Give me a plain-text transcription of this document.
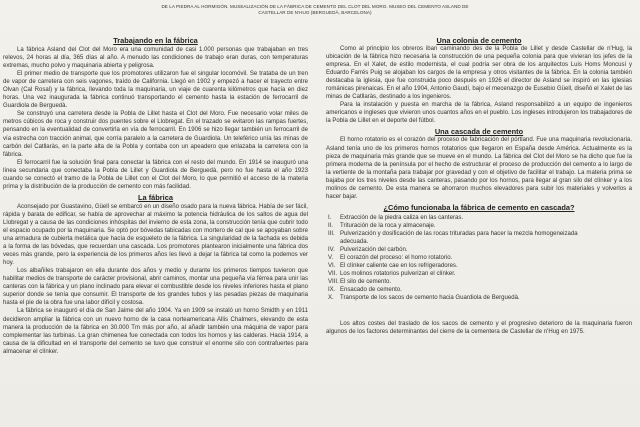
DE LA PIEDRA AL HORMIGÓN. MUSEALIZACIÓN DE LA FÁBRICA DE CEMENTO DEL CLOT DEL MORO. MUSEO DEL CEMENTO ASLAND DE
CASTELLAR DE N'HUG (BERGUEDÀ, BARCELONA)
Trabajando en la fábrica

La fábrica Asland del Clot del Moro era una comunidad de casi 1.000 personas que trabajaban en tres relevos, 24 horas al día, 365 días al año. A menudo las condiciones de trabajo eran duras, con temperaturas extremas, mucho polvo y maquinaria abierta y peligrosa.

El primer medio de transporte que los promotores utilizaron fue el singular locomóvil. Se trataba de un tren de vapor de carretera con seis vagones, traído de California. Llegó en 1902 y empezó a hacer el trayecto entre Olvan (Cal Rosal) y la fábrica, llevando toda la maquinaria, un viaje de cuarenta kilómetros que hacía en diez horas. Una vez inaugurada la fábrica continuó transportando el cemento hasta la estación de ferrocarril de Guardiola de Berguedà.

Se construyó una carretera desde la Pobla de Lillet hasta el Clot del Moro. Fue necesario volar miles de metros cúbicos de roca y construir dos puentes sobre el Llobregat. En el trazado se evitaron las rampas fuertes, pensando en la eventualidad de convertirla en vía de ferrocarril. En 1906 se hizo llegar también un ferrocarril de vía estrecha con tracción animal, que corría paralelo a la carretera de Guardiola. Un teleférico unía las minas de carbón del Catllaràs, en la parte alta de la Pobla y contaba con un apeadero que enlazaba la carretera con la fábrica.

El ferrocarril fue la solución final para conectar la fábrica con el resto del mundo. En 1914 se inauguró una línea secundaria que conectaba la Pobla de Lillet y Guardiola de Berguedà, pero no fue hasta el año 1923 cuando se conectó el tramo de la Pobla de Lillet con el Clot del Moro, lo que permitió el acceso de la materia prima y la distribución de la producción de cemento con más facilidad.

La fábrica

Aconsejado por Guastavino, Güell se embarcó en un diseño osado para la nueva fábrica. Había de ser fácil, rápida y barata de edificar, se había de aprovechar al máximo la potencia hidráulica de los saltos de agua del Llobregat y a causa de las condiciones inhóspitas del invierno de esta zona, la construcción tenía que cubrir todo el espacio ocupado por la maquinaria. Se optó por bóvedas tabicadas con mortero de cal que se apoyaban sobre una armadura de cubierta metálica que hacía de esqueleto de la fábrica. La singularidad de la fachada es debida a la forma de las bóvedas, que recuerdan una cascada. Los promotores plantearon inicialmente una fábrica dos veces más grande, pero la experiencia de los primeros años les llevó a dejar la fábrica tal como la podemos ver hoy.

Los albañiles trabajaron en ella durante dos años y medio y durante los primeros tiempos tuvieron que habilitar medios de transporte de carácter provisional, abrir caminos, montar una pequeña vía férrea para unir las canteras con la fábrica y un plano inclinado para elevar el combustible desde los niveles inferiores hasta el plano superior donde se tenía que consumir. El transporte de los grandes tubos y las pesadas piezas de maquinaria hasta el pie de la obra fue una labor difícil y costosa.

La fábrica se inauguró el día de San Jaime del año 1904. Ya en 1909 se instaló un horno Smidth y en 1911 decidieron ampliar la fábrica con un nuevo horno de la casa norteamericana Allis Chalmers, elevando de esta manera la producción de la fábrica en 30.000 Tm más por año, al añadir también una máquina de vapor para complementar las turbinas. La gran chimenea fue conectada con todos los hornos y las calderas. Hacia 1914, a causa de la dificultad en el transporte del cemento se tuvo que construir el enorme silo con contrafuertes para almacenar el clínker.

Una colonia de cemento

Como al principio los obreros iban caminando des de la Pobla de Lillet y desde Castellar de n'Hug, la ubicación de la fábrica hizo necesaria la construcción de una pequeña colonia para que vivieran los jefes de la empresa. En el Xalet, de estilo modernista, el cual podría ser obra de los arquitectos Luis Homs Moncusí y Eduardo Farrés Puig se alojaban los cargos de la empresa y otros visitantes de la fábrica. En la colonia también destacaba la iglesia, que fue construida poco después en 1926 el director de Asland se inspiró en las iglesias románicas pirenaicas. En el año 1904, Antonio Gaudí, bajo el mecenazgo de Eusebio Güell, diseñó el Xalet de las minas de Catllaràs, destinado a los ingenieros.

Para la instalación y puesta en marcha de la fábrica, Asland responsabilizó a un equipo de ingenieros americanos e ingleses que vivieron unos cuantos años en el pueblo. Los ingleses introdujeron los trabajadores de la Pobla de Lillet en el deporte del fútbol.

Una cascada de cemento

El horno rotatorio es el corazón del proceso de fabricación del pórtland. Fue una maquinaria revolucionaria. Asland tenía uno de los primeros hornos rotatorios que llegaron en España desde América. Actualmente es la pieza de maquinaria más grande que se mueve en el mundo. La fábrica del Clot del Moro se ha dicho que fue la primera moderna de la península por el hecho de estructurar el proceso de producción del cemento a lo largo de la vertiente de la montaña para trabajar por gravedad y con el objetivo de facilitar el trabajo. La materia prima se bajaba por los tres niveles desde las canteras, pasando por los hornos, para llegar al gran silo del clínker y a los molinos de cemento. De esta manera se ahorraron muchos elevadores para subir los materiales y volverlos a hacer bajar.

¿Cómo funcionaba la fábrica de cemento en cascada?
I.	Extracción de la piedra caliza en las canteras.
II.	Trituración de la roca y almacenaje.
III. Pulverización y dosificación de las rocas trituradas para hacer la mezcla homogeneizada adecuada.
IV. Pulverización del carbón.
V.	El corazón del proceso: el horno rotatorio.
VI. El clínker caliente cae en los refrigeradores.
VII. Los molinos rotatorios pulverizan el clínker.
VIII. El silo de cemento.
IX. Ensacado de cemento.
X.	Transporte de los sacos de cemento hacia Guardiola de Berguedà.

Los altos costes del traslado de los sacos de cemento y el progresivo deterioro de la maquinaria fueron algunos de los factores determinantes del cierre de la cementera de Castellar de n'Hug en 1975.
